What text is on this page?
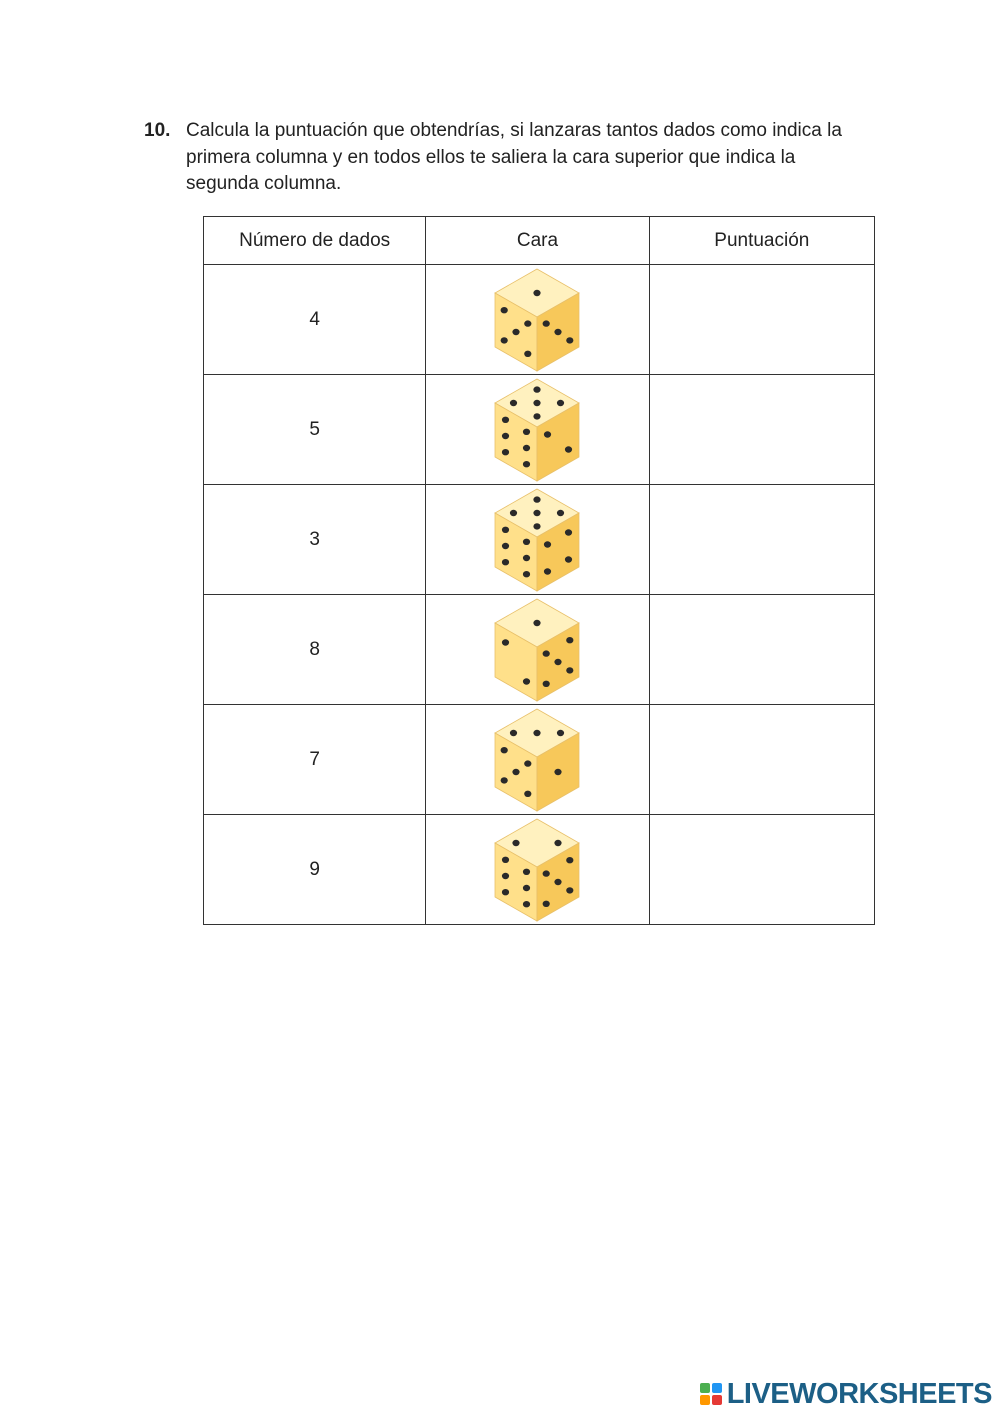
10. Calcula la puntuación que obtendrías, si lanzaras tantos dados como indica la primera columna y en todos ellos te saliera la cara superior que indica la segunda columna.
Número de dados	Cara	Puntuación
4	

5	

3	

8	

7	

9	

LIVEWORKSHEETS
